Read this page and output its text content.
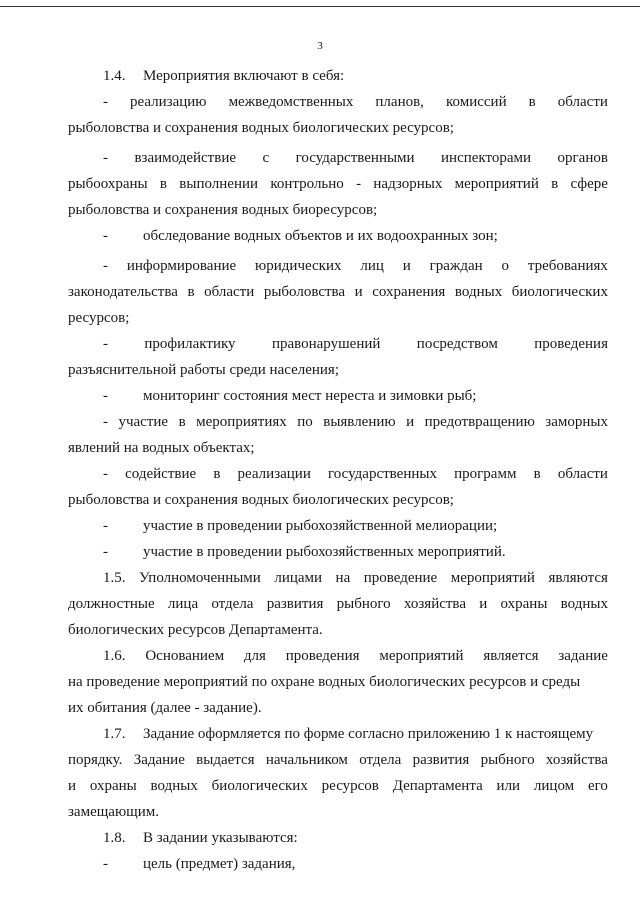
3
1.4. Мероприятия включают в себя:
- реализацию межведомственных планов, комиссий в области
рыболовства и сохранения водных биологических ресурсов;
- взаимодействие с государственными инспекторами органов
рыбоохраны в выполнении контрольно - надзорных мероприятий в сфере
рыболовства и сохранения водных биоресурсов;
- обследование водных объектов и их водоохранных зон;
- информирование юридических лиц и граждан о требованиях
законодательства в области рыболовства и сохранения водных биологических
ресурсов;
- профилактику правонарушений посредством проведения
разъяснительной работы среди населения;
- мониторинг состояния мест нереста и зимовки рыб;
- участие в мероприятиях по выявлению и предотвращению заморных
явлений на водных объектах;
- содействие в реализации государственных программ в области
рыболовства и сохранения водных биологических ресурсов;
- участие в проведении рыбохозяйственной мелиорации;
- участие в проведении рыбохозяйственных мероприятий.
1.5. Уполномоченными лицами на проведение мероприятий являются
должностные лица отдела развития рыбного хозяйства и охраны водных
биологических ресурсов Департамента.
1.6. Основанием для проведения мероприятий является задание
на проведение мероприятий по охране водных биологических ресурсов и среды
их обитания (далее - задание).
1.7. Задание оформляется по форме согласно приложению 1 к настоящему
порядку. Задание выдается начальником отдела развития рыбного хозяйства
и охраны водных биологических ресурсов Департамента или лицом его
замещающим.
1.8. В задании указываются:
- цель (предмет) задания,
